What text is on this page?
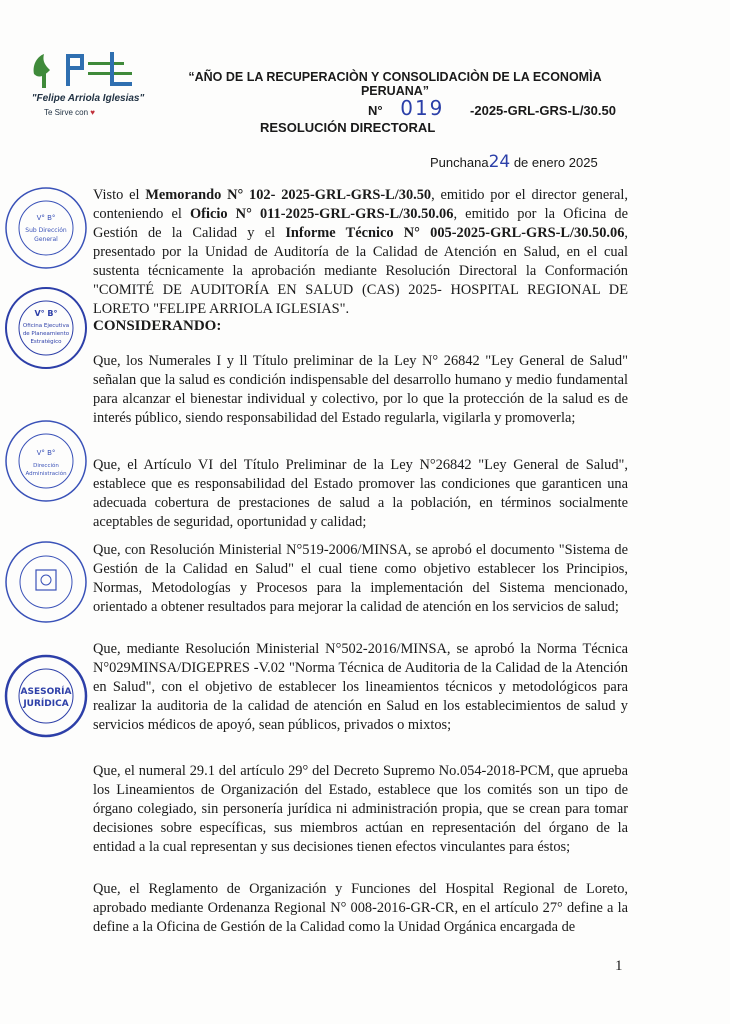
"Felipe Arriola Iglesias"
Te Sirve con ♥
“AÑO DE LA RECUPERACIÒN Y CONSOLIDACIÒN DE LA ECONOMÌA PERUANA”
N° 019 -2025-GRL-GRS-L/30.50
RESOLUCIÓN DIRECTORAL
Punchana24 de enero 2025
V° B°
Sub Dirección
General
V° B°
Oficina Ejecutiva
de Planeamiento
Estratégico
V° B°
Dirección
Administración
ASESORÍA
JURÍDICA
Visto el Memorando N° 102- 2025-GRL-GRS-L/30.50, emitido por el director general, conteniendo el Oficio N° 011-2025-GRL-GRS-L/30.50.06, emitido por la Oficina de Gestión de la Calidad y el Informe Técnico N° 005-2025-GRL-GRS-L/30.50.06, presentado por la Unidad de Auditoría de la Calidad de Atención en Salud, en el cual sustenta técnicamente la aprobación mediante Resolución Directoral la Conformación "COMITÉ DE AUDITORÍA EN SALUD (CAS) 2025- HOSPITAL REGIONAL DE LORETO "FELIPE ARRIOLA IGLESIAS".
CONSIDERANDO:
Que, los Numerales I y ll Título preliminar de la Ley N° 26842 "Ley General de Salud" señalan que la salud es condición indispensable del desarrollo humano y medio fundamental para alcanzar el bienestar individual y colectivo, por lo que la protección de la salud es de interés público, siendo responsabilidad del Estado regularla, vigilarla y promoverla;
Que, el Artículo VI del Título Preliminar de la Ley N°26842 "Ley General de Salud", establece que es responsabilidad del Estado promover las condiciones que garanticen una adecuada cobertura de prestaciones de salud a la población, en términos socialmente aceptables de seguridad, oportunidad y calidad;
Que, con Resolución Ministerial N°519-2006/MINSA, se aprobó el documento "Sistema de Gestión de la Calidad en Salud" el cual tiene como objetivo establecer los Principios, Normas, Metodologías y Procesos para la implementación del Sistema mencionado, orientado a obtener resultados para mejorar la calidad de atención en los servicios de salud;
Que, mediante Resolución Ministerial N°502-2016/MINSA, se aprobó la Norma Técnica N°029MINSA/DIGEPRES -V.02 "Norma Técnica de Auditoria de la Calidad de la Atención en Salud", con el objetivo de establecer los lineamientos técnicos y metodológicos para realizar la auditoria de la calidad de atención en Salud en los establecimientos de salud y servicios médicos de apoyó, sean públicos, privados o mixtos;
Que, el numeral 29.1 del artículo 29° del Decreto Supremo No.054-2018-PCM, que aprueba los Lineamientos de Organización del Estado, establece que los comités son un tipo de órgano colegiado, sin personería jurídica ni administración propia, que se crean para tomar decisiones sobre específicas, sus miembros actúan en representación del órgano de la entidad a la cual representan y sus decisiones tienen efectos vinculantes para éstos;
Que, el Reglamento de Organización y Funciones del Hospital Regional de Loreto, aprobado mediante Ordenanza Regional N° 008-2016-GR-CR, en el artículo 27° define a la define a la Oficina de Gestión de la Calidad como la Unidad Orgánica encargada de
1
